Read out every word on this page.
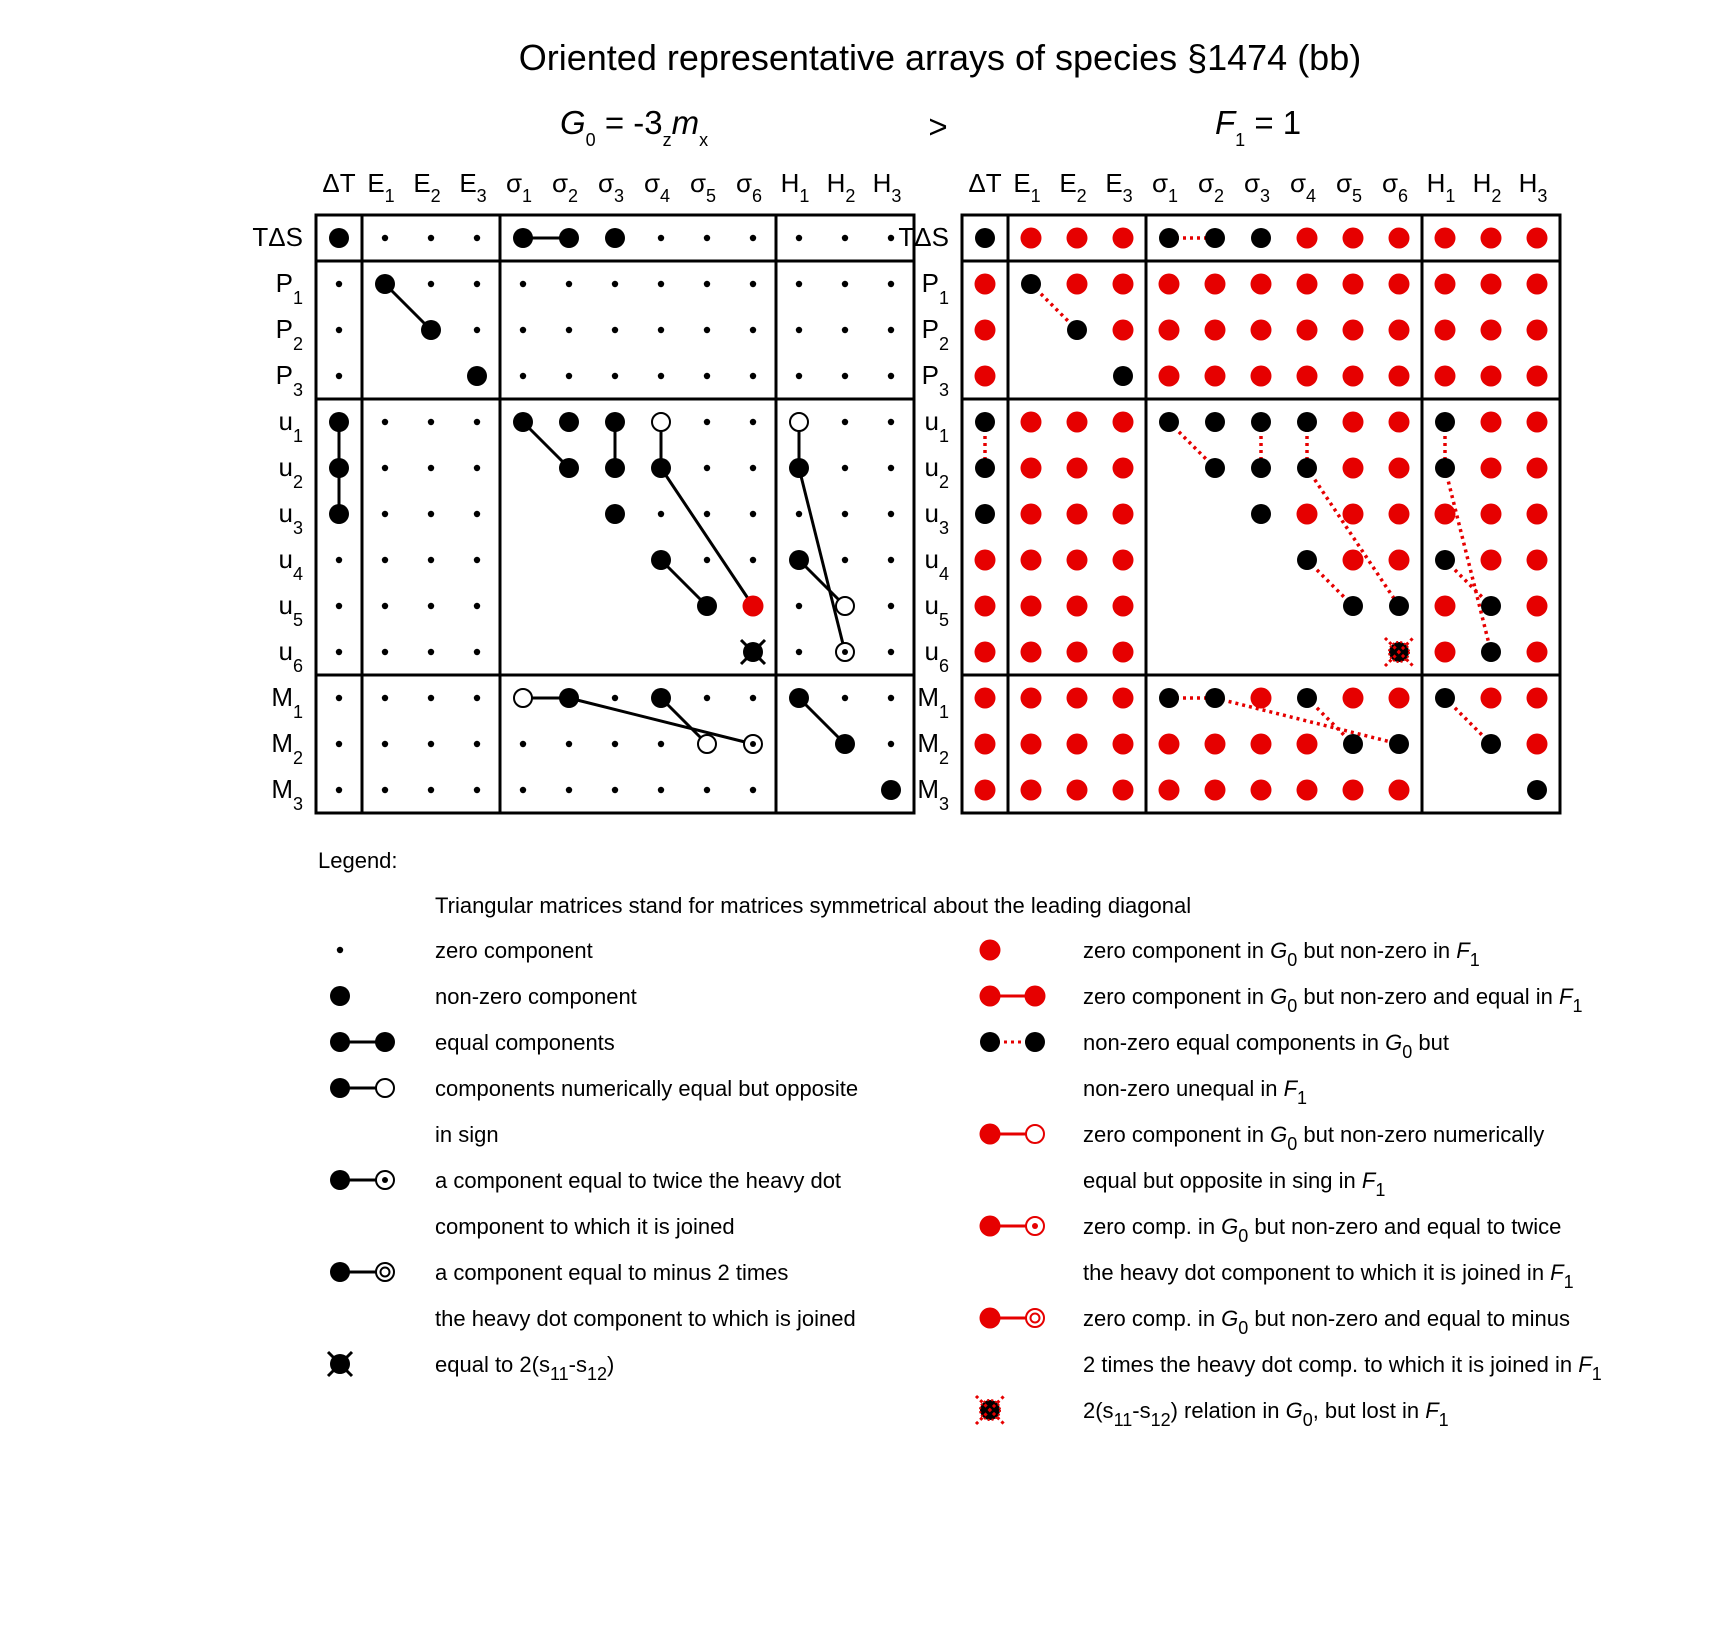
Oriented representative arrays of species §1474 (bb)
$G_0 = -3_zm_x$	>	$F_1 = 1$
ΔT $E_1$ $E_2$ $E_3$ $\sigma_1$ $\sigma_2$ $\sigma_3$ $\sigma_4$ $\sigma_5$ $\sigma_6$ $H_1$ $H_2$ $H_3$
TΔS
$P_1$
$P_2$
$P_3$
$u_1$
$u_2$
$u_3$
$u_4$
$u_5$
$u_6$
$M_1$
$M_2$
$M_3$
ΔT $E_1$ $E_2$ $E_3$ $\sigma_1$ $\sigma_2$ $\sigma_3$ $\sigma_4$ $\sigma_5$ $\sigma_6$ $H_1$ $H_2$ $H_3$
TΔS
$P_1$
$P_2$
$P_3$
$u_1$
$u_2$
$u_3$
$u_4$
$u_5$
$u_6$
$M_1$
$M_2$
$M_3$
Legend:
Triangular matrices stand for matrices symmetrical about the leading diagonal
zero component
non-zero component
equal components
components numerically equal but opposite
in sign
a component equal to twice the heavy dot
component to which it is joined
a component equal to minus 2 times
the heavy dot component to which is joined
equal to $2(s_{11}-s_{12})$
zero component in $G_0$ but non-zero in $F_1$
zero component in $G_0$ but non-zero and equal in $F_1$
non-zero equal components in $G_0$ but
non-zero unequal in $F_1$
zero component in $G_0$ but non-zero numerically
equal but opposite in sing in $F_1$
zero comp. in $G_0$ but non-zero and equal to twice
the heavy dot component to which it is joined in $F_1$
zero comp. in $G_0$ but non-zero and equal to minus
2 times the heavy dot comp. to which it is joined in $F_1$
$2(s_{11}-s_{12})$ relation in $G_0$, but lost in $F_1$
